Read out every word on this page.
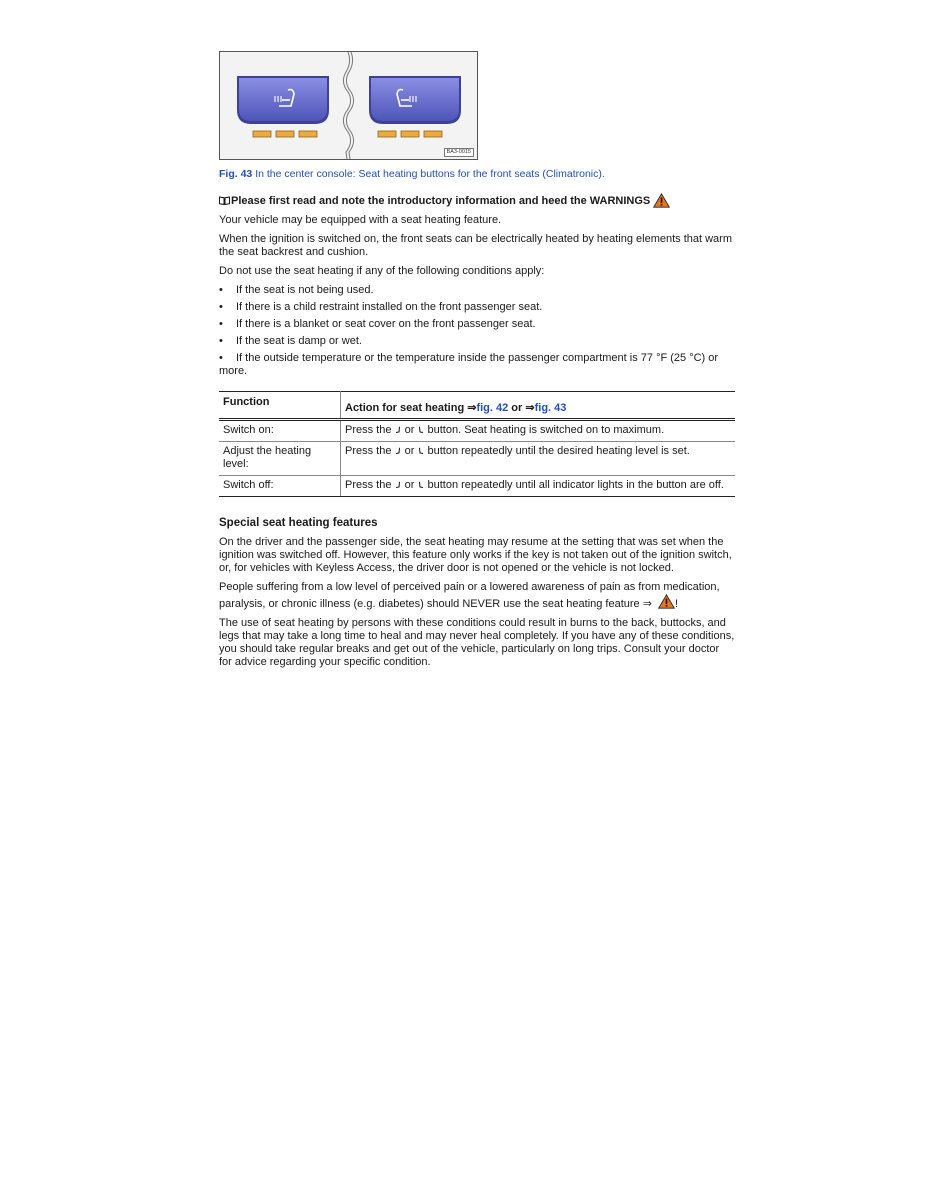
BA3-0015
Fig. 43 In the center console: Seat heating buttons for the front seats (Climatronic).
Please first read and note the introductory information and heed the WARNINGS

Your vehicle may be equipped with a seat heating feature.

When the ignition is switched on, the front seats can be electrically heated by heating elements that warm the seat backrest and cushion.

Do not use the seat heating if any of the following conditions apply:

• If the seat is not being used.
• If there is a child restraint installed on the front passenger seat.
• If there is a blanket or seat cover on the front passenger seat.
• If the seat is damp or wet.
• If the outside temperature or the temperature inside the passenger compartment is 77 °F (25 °C) or more.
Function	Action for seat heating ⇒fig. 42 or ⇒fig. 43
Switch on:	Press the or button. Seat heating is switched on to maximum.
Adjust the heating level:	Press the or button repeatedly until the desired heating level is set.
Switch off:	Press the or button repeatedly until all indicator lights in the button are off.
Special seat heating features

On the driver and the passenger side, the seat heating may resume at the setting that was set when the ignition was switched off. However, this feature only works if the key is not taken out of the ignition switch, or, for vehicles with Keyless Access, the driver door is not opened or the vehicle is not locked.

People suffering from a low level of perceived pain or a lowered awareness of pain as from medication, paralysis, or chronic illness (e.g. diabetes) should NEVER use the seat heating feature ⇒ !

The use of seat heating by persons with these conditions could result in burns to the back, buttocks, and legs that may take a long time to heal and may never heal completely. If you have any of these conditions, you should take regular breaks and get out of the vehicle, particularly on long trips. Consult your doctor for advice regarding your specific condition.
